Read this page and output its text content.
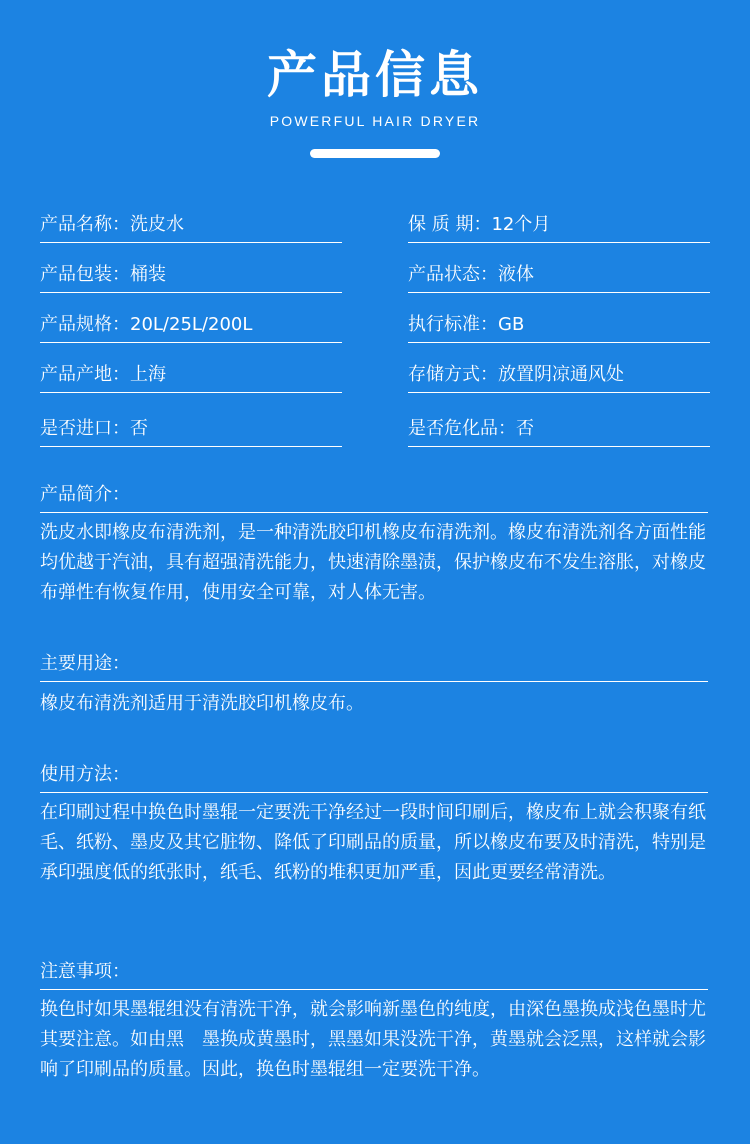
产品信息
POWERFUL HAIR DRYER
产品名称：洗皮水	保 质 期：12个月
产品包装：桶装	产品状态：液体
产品规格：20L/25L/200L	执行标准：GB
产品产地：上海	存储方式：放置阴凉通风处
是否进口：否	是否危化品：否
产品简介：
洗皮水即橡皮布清洗剂，是一种清洗胶印机橡皮布清洗剂。橡皮布清洗剂各方面性能均优越于汽油，具有超强清洗能力，快速清除墨渍，保护橡皮布不发生溶胀，对橡皮布弹性有恢复作用，使用安全可靠，对人体无害。
主要用途：
橡皮布清洗剂适用于清洗胶印机橡皮布。
使用方法：
在印刷过程中换色时墨辊一定要洗干净经过一段时间印刷后，橡皮布上就会积聚有纸毛、纸粉、墨皮及其它脏物、降低了印刷品的质量，所以橡皮布要及时清洗，特别是承印强度低的纸张时，纸毛、纸粉的堆积更加严重，因此更要经常清洗。
注意事项：
换色时如果墨辊组没有清洗干净，就会影响新墨色的纯度，由深色墨换成浅色墨时尤其要注意。如由黑　墨换成黄墨时，黑墨如果没洗干净，黄墨就会泛黑，这样就会影响了印刷品的质量。因此，换色时墨辊组一定要洗干净。
